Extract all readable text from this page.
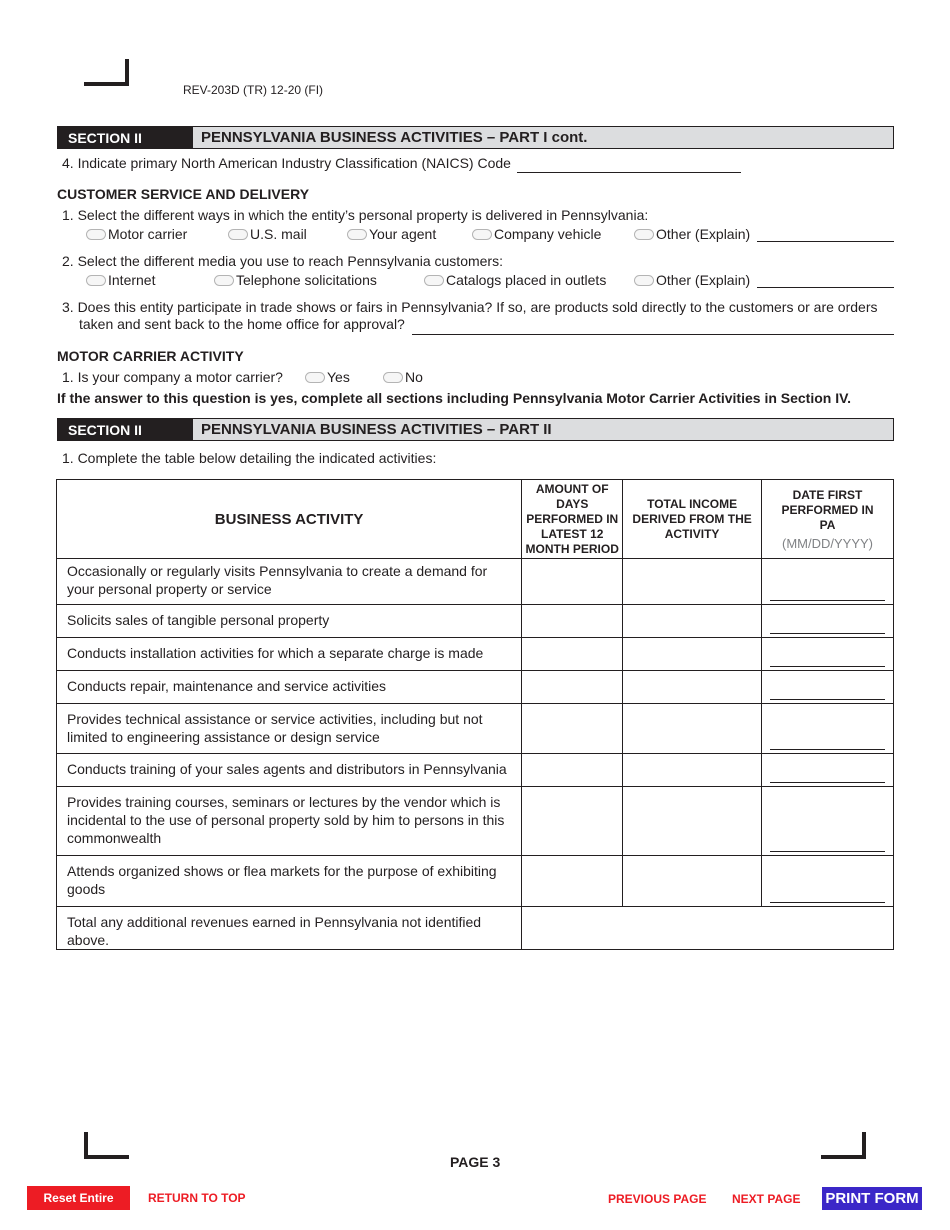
REV-203D (TR) 12-20 (FI)
SECTION II	PENNSYLVANIA BUSINESS ACTIVITIES – PART I cont.
4. Indicate primary North American Industry Classification (NAICS) Code
CUSTOMER SERVICE AND DELIVERY
1. Select the different ways in which the entity’s personal property is delivered in Pennsylvania:
Motor carrier	U.S. mail	Your agent	Company vehicle	Other (Explain)
2. Select the different media you use to reach Pennsylvania customers:
Internet	Telephone solicitations	Catalogs placed in outlets	Other (Explain)
3. Does this entity participate in trade shows or fairs in Pennsylvania? If so, are products sold directly to the customers or are orders
taken and sent back to the home office for approval?
MOTOR CARRIER ACTIVITY
1. Is your company a motor carrier?	Yes	No
If the answer to this question is yes, complete all sections including Pennsylvania Motor Carrier Activities in Section IV.
SECTION II	PENNSYLVANIA BUSINESS ACTIVITIES – PART II
1. Complete the table below detailing the indicated activities:
BUSINESS ACTIVITY	AMOUNT OF DAYS PERFORMED IN LATEST 12 MONTH PERIOD	TOTAL INCOME DERIVED FROM THE ACTIVITY	DATE FIRST PERFORMED IN PA
(MM/DD/YYYY)

Occasionally or regularly visits Pennsylvania to create a demand for your personal property or service			

Solicits sales of tangible personal property			

Conducts installation activities for which a separate charge is made			

Conducts repair, maintenance and service activities			

Provides technical assistance or service activities, including but not limited to engineering assistance or design service			

Conducts training of your sales agents and distributors in Pennsylvania			

Provides training courses, seminars or lectures by the vendor which is incidental to the use of personal property sold by him to persons in this commonwealth			

Attends organized shows or flea markets for the purpose of exhibiting goods			

Total any additional revenues earned in Pennsylvania not identified above.			
PAGE 3
Reset Entire Form
RETURN TO TOP	PREVIOUS PAGE NEXT PAGE PRINT FORM
